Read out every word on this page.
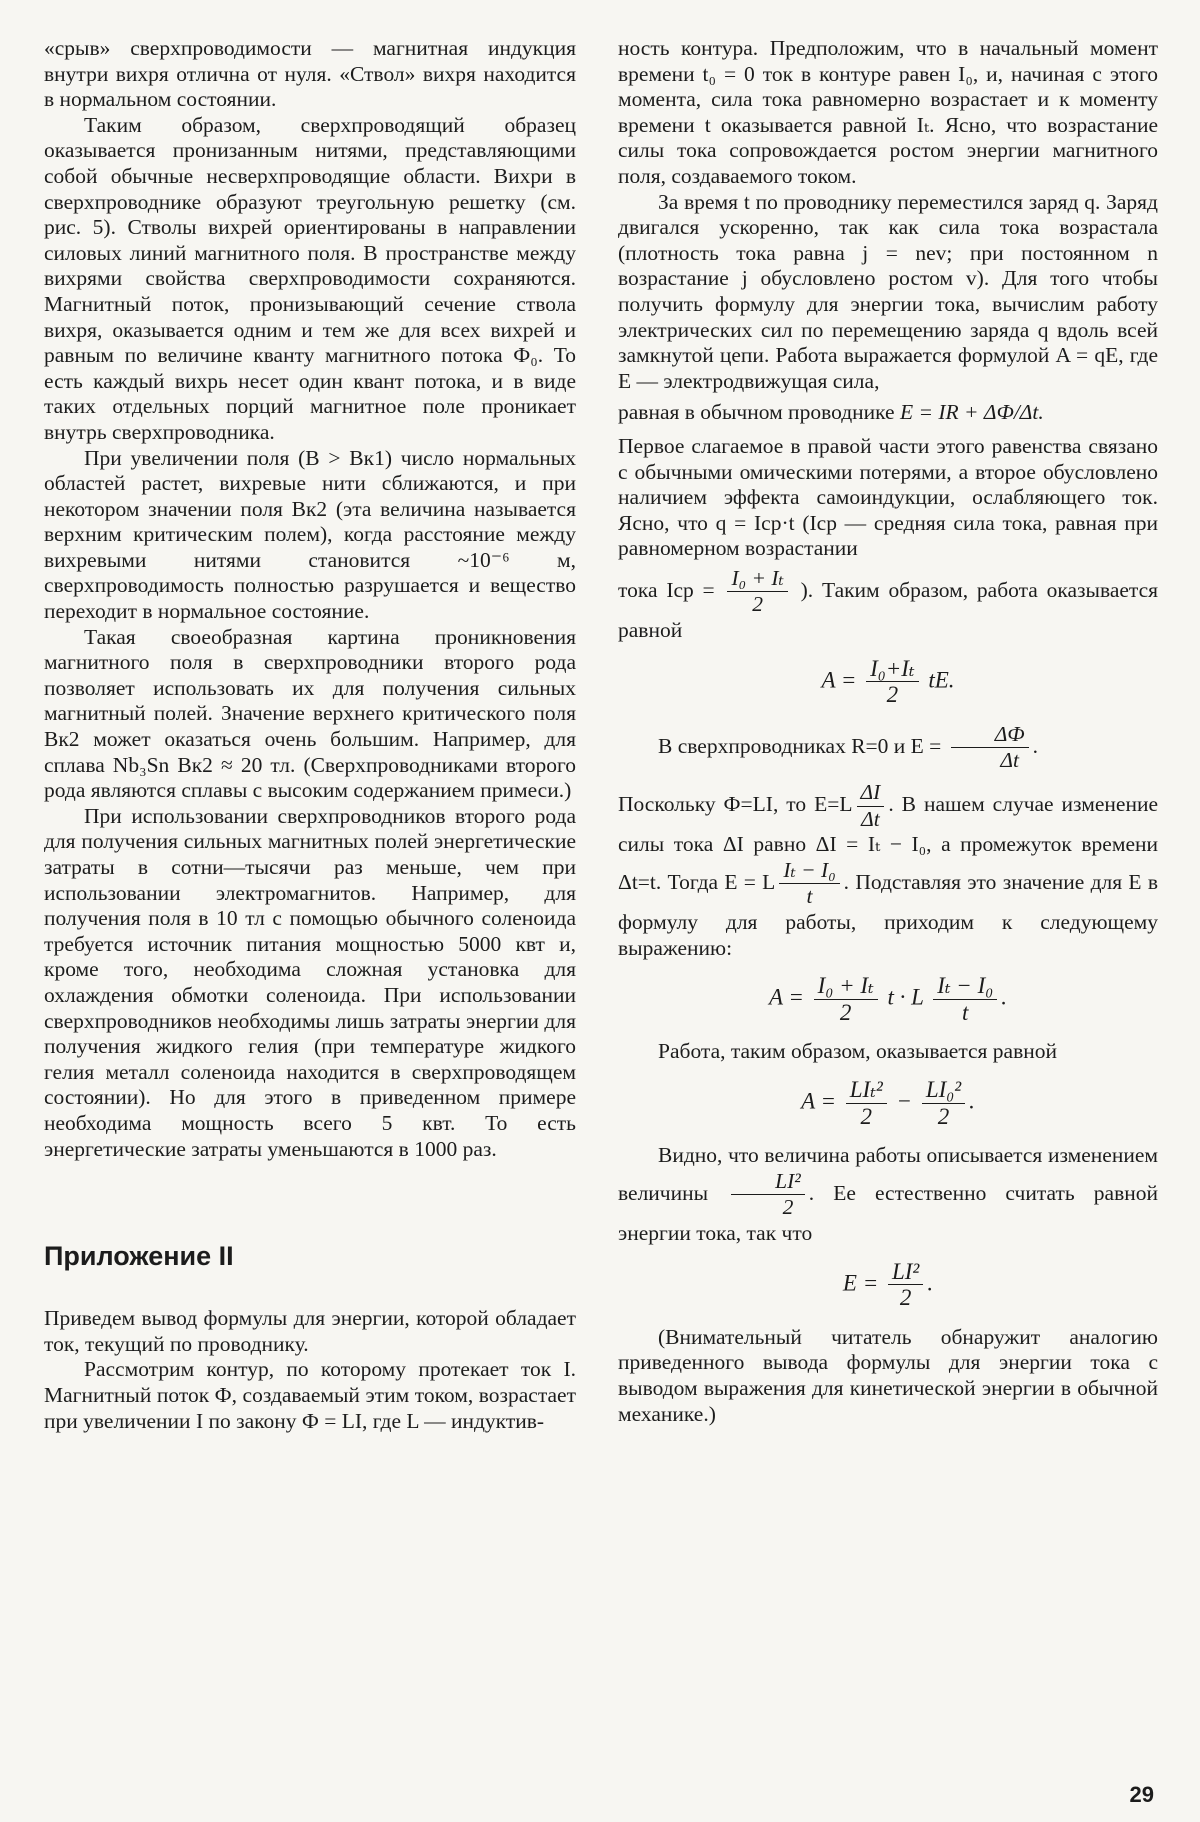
«срыв» сверхпроводимости — магнитная индукция внутри вихря отлична от нуля. «Ствол» вихря находится в нормальном состоянии.

Таким образом, сверхпроводящий образец оказывается пронизанным нитями, представляющими собой обычные несверхпроводящие области. Вихри в сверхпроводнике образуют треугольную решетку (см. рис. 5). Стволы вихрей ориентированы в направлении силовых линий магнитного поля. В пространстве между вихрями свойства сверхпроводимости сохраняются. Магнитный поток, пронизывающий сечение ствола вихря, оказывается одним и тем же для всех вихрей и равным по величине кванту магнитного потока Ф₀. То есть каждый вихрь несет один квант потока, и в виде таких отдельных порций магнитное поле проникает внутрь сверхпроводника.

При увеличении поля (B > Bк1) число нормальных областей растет, вихревые нити сближаются, и при некотором значении поля Bк2 (эта величина называется верхним критическим полем), когда расстояние между вихревыми нитями становится ~10⁻⁶ м, сверхпроводимость полностью разрушается и вещество переходит в нормальное состояние.

Такая своеобразная картина проникновения магнитного поля в сверхпроводники второго рода позволяет использовать их для получения сильных магнитный полей. Значение верхнего критического поля Bк2 может оказаться очень большим. Например, для сплава Nb₃Sn Bк2 ≈ 20 тл. (Сверхпроводниками второго рода являются сплавы с высоким содержанием примеси.)

При использовании сверхпроводников второго рода для получения сильных магнитных полей энергетические затраты в сотни—тысячи раз меньше, чем при использовании электромагнитов. Например, для получения поля в 10 тл с помощью обычного соленоида требуется источник питания мощностью 5000 квт и, кроме того, необходима сложная установка для охлаждения обмотки соленоида. При использовании сверхпроводников необходимы лишь затраты энергии для получения жидкого гелия (при температуре жидкого гелия металл соленоида находится в сверхпроводящем состоянии). Но для этого в приведенном примере необходима мощность всего 5 квт. То есть энергетические затраты уменьшаются в 1000 раз.

Приложение II

Приведем вывод формулы для энергии, которой обладает ток, текущий по проводнику.

Рассмотрим контур, по которому протекает ток I. Магнитный поток Ф, создаваемый этим током, возрастает при увеличении I по закону Ф = LI, где L — индуктив-

ность контура. Предположим, что в начальный момент времени t₀ = 0 ток в контуре равен I₀, и, начиная с этого момента, сила тока равномерно возрастает и к моменту времени t оказывается равной Iₜ. Ясно, что возрастание силы тока сопровождается ростом энергии магнитного поля, создаваемого током.

За время t по проводнику переместился заряд q. Заряд двигался ускоренно, так как сила тока возрастала (плотность тока равна j = nev; при постоянном n возрастание j обусловлено ростом v). Для того чтобы получить формулу для энергии тока, вычислим работу электрических сил по перемещению заряда q вдоль всей замкнутой цепи. Работа выражается формулой A = qE, где E — электродвижущая сила,

равная в обычном проводнике E = IR + ΔФ/Δt.

Первое слагаемое в правой части этого равенства связано с обычными омическими потерями, а второе обусловлено наличием эффекта самоиндукции, ослабляющего ток. Ясно, что q = Iср·t (Iср — средняя сила тока, равная при равномерном возрастании

тока Iср = $\frac{\text{I₀ + Iₜ}}{2}$ ). Таким образом, работа оказывается равной

$A = \frac{\text{I₀+Iₜ}}{2}$ tE.

В сверхпроводниках R=0 и $E = \frac{\Delta Ф}{\Delta t}$ .

Поскольку Ф=LI, то $E=L \frac{\Delta I}{\Delta t}$ . В нашем случае изменение силы тока ΔI равно ΔI = Iₜ − I₀, а промежуток времени Δt=t. Тогда E = L $\frac{\text{Iₜ − I₀}}{t}$ . Подставляя это значение для E в формулу для работы, приходим к следующему выражению:

$A = \frac{\text{I₀ + Iₜ}}{2}$ t · L $\frac{\text{Iₜ − I₀}}{t}$ .

Работа, таким образом, оказывается равной

$A = \frac{\text{LIₜ²}}{2} - \frac{\text{LI₀²}}{2}$ .

Видно, что величина работы описывается изменением величины $\frac{\text{LI²}}{2}$ . Ее естественно считать равной энергии тока, так что

$E = \frac{\text{LI²}}{2}$ .

(Внимательный читатель обнаружит аналогию приведенного вывода формулы для энергии тока с выводом выражения для кинетической энергии в обычной механике.)

29
